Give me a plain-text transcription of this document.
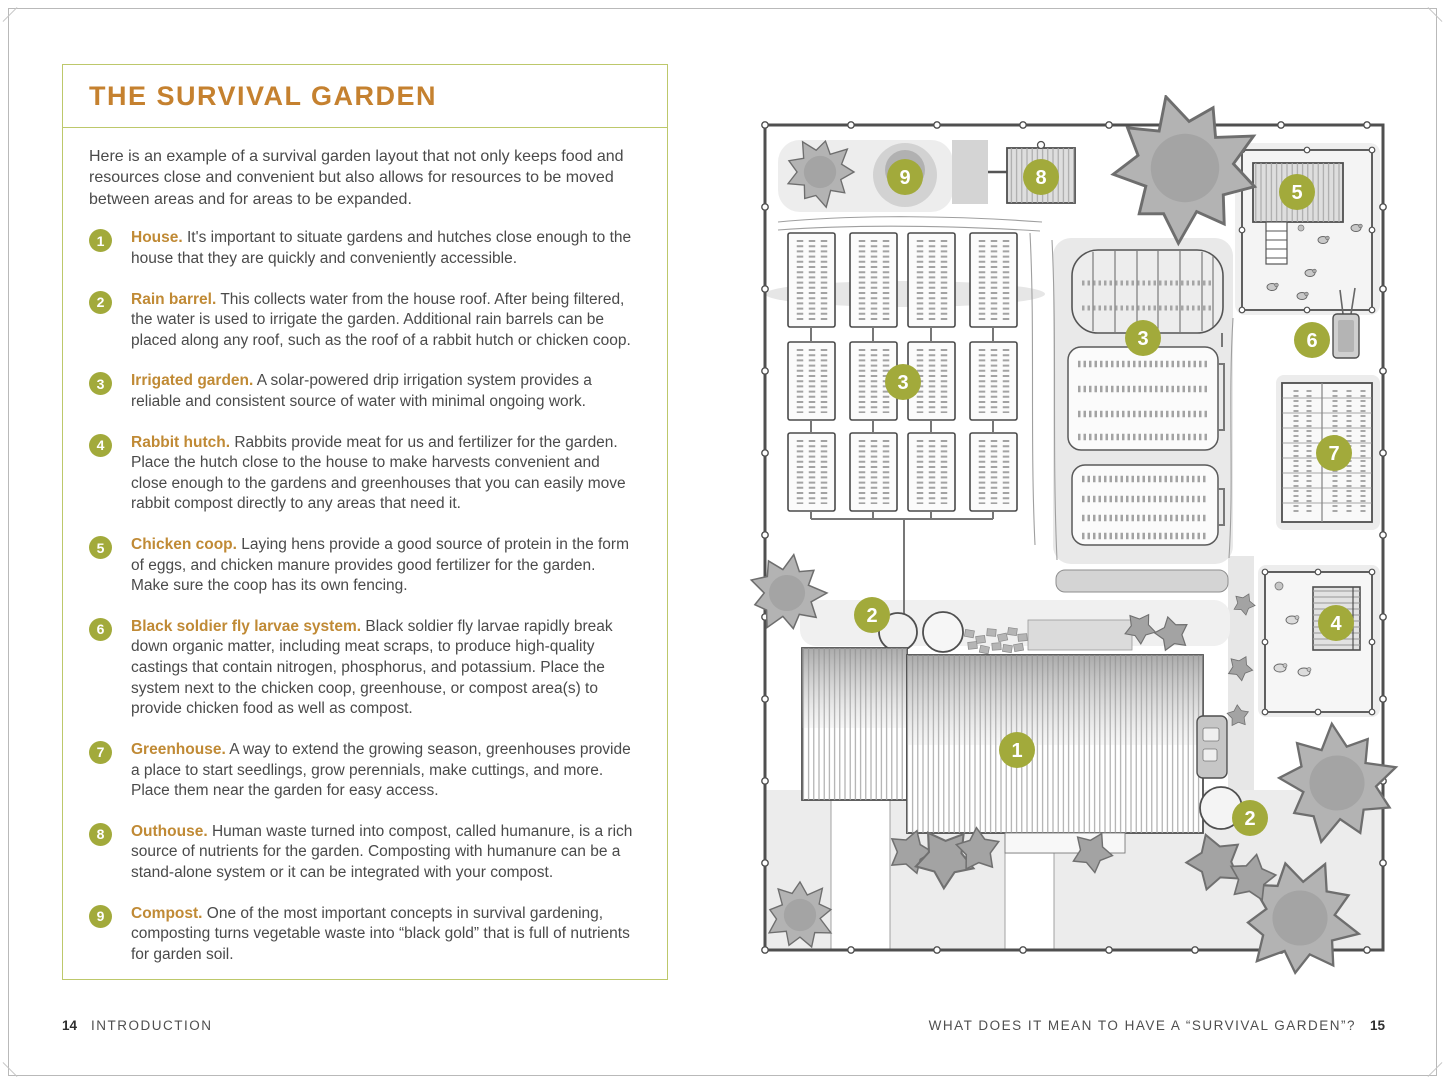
THE SURVIVAL GARDEN

Here is an example of a survival garden layout that not only keeps food and resources close and convenient but also allows for resources to be moved between areas and for areas to be expanded.

1	House. It's important to situate gardens and hutches close enough to the house that they are quickly and conveniently accessible.
2	Rain barrel. This collects water from the house roof. After being filtered, the water is used to irrigate the garden. Additional rain barrels can be placed along any roof, such as the roof of a rabbit hutch or chicken coop.
3	Irrigated garden. A solar-powered drip irrigation system provides a reliable and consistent source of water with minimal ongoing work.
4	Rabbit hutch. Rabbits provide meat for us and fertilizer for the garden. Place the hutch close to the house to make harvests convenient and close enough to the gardens and greenhouses that you can easily move rabbit compost directly to any areas that need it.
5	Chicken coop. Laying hens provide a good source of protein in the form of eggs, and chicken manure provides good fertilizer for the garden. Make sure the coop has its own fencing.
6	Black soldier fly larvae system. Black soldier fly larvae rapidly break down organic matter, including meat scraps, to produce high-quality castings that contain nitrogen, phosphorus, and potassium. Place the system next to the chicken coop, greenhouse, or compost area(s) to provide chicken food as well as compost.
7	Greenhouse. A way to extend the growing season, greenhouses provide a place to start seedlings, grow perennials, make cuttings, and more. Place them near the garden for easy access.
8	Outhouse. Human waste turned into compost, called humanure, is a rich source of nutrients for the garden. Composting with humanure can be a stand-alone system or it can be integrated with your compost.
9	Compost. One of the most important concepts in survival gardening, composting turns vegetable waste into “black gold” that is full of nutrients for garden soil.
14 INTRODUCTION	WHAT DOES IT MEAN TO HAVE A “SURVIVAL GARDEN”? 15
9	8
5
3
3	6
7
4
2
1
2
